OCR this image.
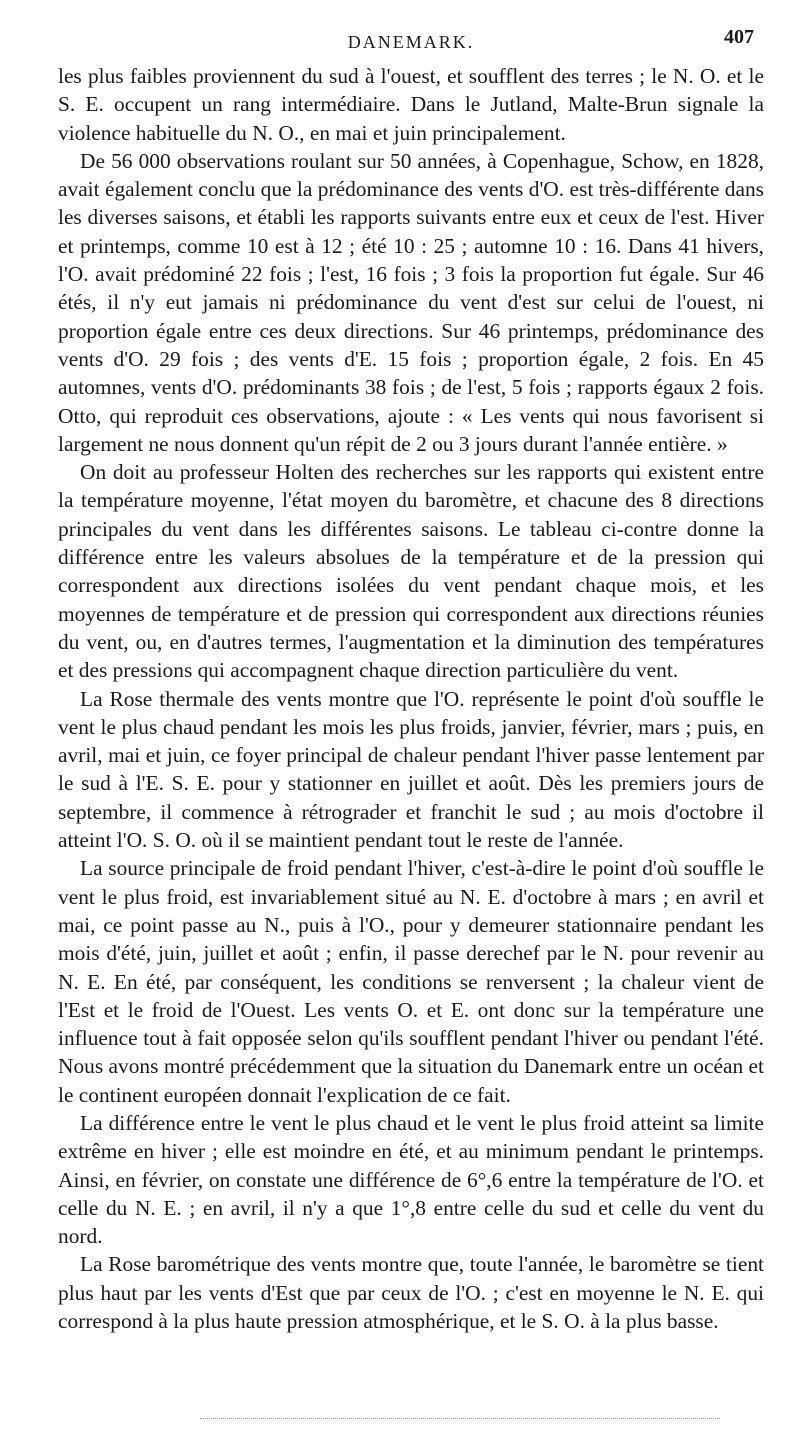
DANEMARK.	407

les plus faibles proviennent du sud à l'ouest, et soufflent des terres ; le N. O. et le S. E. occupent un rang intermédiaire. Dans le Jutland, Malte-Brun signale la violence habituelle du N. O., en mai et juin principalement.

De 56 000 observations roulant sur 50 années, à Copenhague, Schow, en 1828, avait également conclu que la prédominance des vents d'O. est très-différente dans les diverses saisons, et établi les rapports suivants entre eux et ceux de l'est. Hiver et printemps, comme 10 est à 12 ; été 10 : 25 ; automne 10 : 16. Dans 41 hivers, l'O. avait prédominé 22 fois ; l'est, 16 fois ; 3 fois la proportion fut égale. Sur 46 étés, il n'y eut jamais ni prédominance du vent d'est sur celui de l'ouest, ni proportion égale entre ces deux directions. Sur 46 printemps, prédominance des vents d'O. 29 fois ; des vents d'E. 15 fois ; proportion égale, 2 fois. En 45 automnes, vents d'O. prédominants 38 fois ; de l'est, 5 fois ; rapports égaux 2 fois. Otto, qui reproduit ces observations, ajoute : « Les vents qui nous favorisent si largement ne nous donnent qu'un répit de 2 ou 3 jours durant l'année entière. »

On doit au professeur Holten des recherches sur les rapports qui existent entre la température moyenne, l'état moyen du baromètre, et chacune des 8 directions principales du vent dans les différentes saisons. Le tableau ci-contre donne la différence entre les valeurs absolues de la température et de la pression qui correspondent aux directions isolées du vent pendant chaque mois, et les moyennes de température et de pression qui correspondent aux directions réunies du vent, ou, en d'autres termes, l'augmentation et la diminution des températures et des pressions qui accompagnent chaque direction particulière du vent.

La Rose thermale des vents montre que l'O. représente le point d'où souffle le vent le plus chaud pendant les mois les plus froids, janvier, février, mars ; puis, en avril, mai et juin, ce foyer principal de chaleur pendant l'hiver passe lentement par le sud à l'E. S. E. pour y stationner en juillet et août. Dès les premiers jours de septembre, il commence à rétrograder et franchit le sud ; au mois d'octobre il atteint l'O. S. O. où il se maintient pendant tout le reste de l'année.

La source principale de froid pendant l'hiver, c'est-à-dire le point d'où souffle le vent le plus froid, est invariablement situé au N. E. d'octobre à mars ; en avril et mai, ce point passe au N., puis à l'O., pour y demeurer stationnaire pendant les mois d'été, juin, juillet et août ; enfin, il passe derechef par le N. pour revenir au N. E. En été, par conséquent, les conditions se renversent ; la chaleur vient de l'Est et le froid de l'Ouest. Les vents O. et E. ont donc sur la température une influence tout à fait opposée selon qu'ils soufflent pendant l'hiver ou pendant l'été. Nous avons montré précédemment que la situation du Danemark entre un océan et le continent européen donnait l'explication de ce fait.

La différence entre le vent le plus chaud et le vent le plus froid atteint sa limite extrême en hiver ; elle est moindre en été, et au minimum pendant le printemps. Ainsi, en février, on constate une différence de 6°,6 entre la température de l'O. et celle du N. E. ; en avril, il n'y a que 1°,8 entre celle du sud et celle du vent du nord.

La Rose barométrique des vents montre que, toute l'année, le baromètre se tient plus haut par les vents d'Est que par ceux de l'O. ; c'est en moyenne le N. E. qui correspond à la plus haute pression atmosphérique, et le S. O. à la plus basse.
